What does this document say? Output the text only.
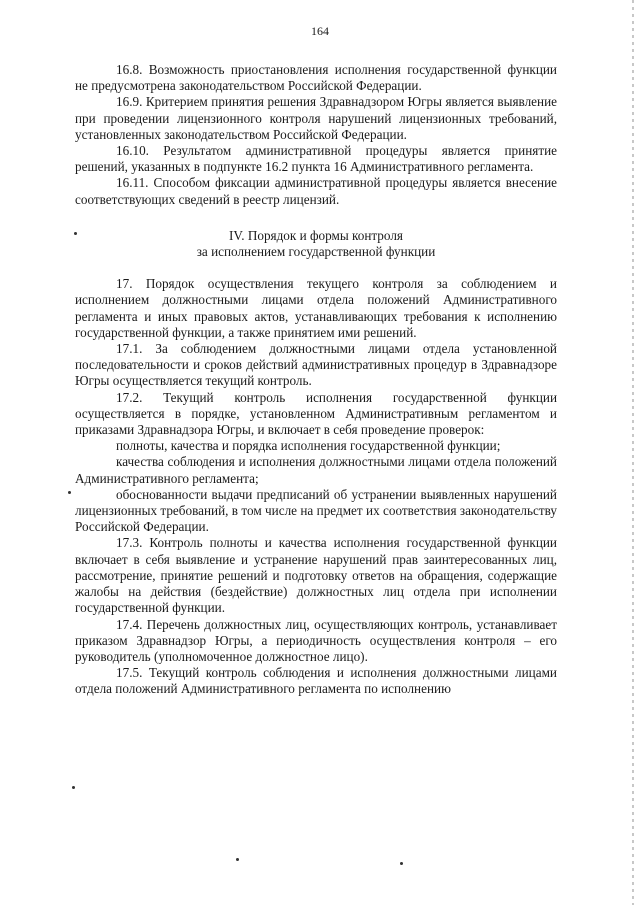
164

16.8. Возможность приостановления исполнения государственной функции не предусмотрена законодательством Российской Федерации.

16.9. Критерием принятия решения Здравнадзором Югры является выявление при проведении лицензионного контроля нарушений лицензионных требований, установленных законодательством Российской Федерации.

16.10. Результатом административной процедуры является принятие решений, указанных в подпункте 16.2 пункта 16 Административного регламента.

16.11. Способом фиксации административной процедуры является внесение соответствующих сведений в реестр лицензий.

IV. Порядок и формы контроля

за исполнением государственной функции

17. Порядок осуществления текущего контроля за соблюдением и исполнением должностными лицами отдела положений Административного регламента и иных правовых актов, устанавливающих требования к исполнению государственной функции, а также принятием ими решений.

17.1. За соблюдением должностными лицами отдела установленной последовательности и сроков действий административных процедур в Здравнадзоре Югры осуществляется текущий контроль.

17.2. Текущий контроль исполнения государственной функции осуществляется в порядке, установленном Административным регламентом и приказами Здравнадзора Югры, и включает в себя проведение проверок:

полноты, качества и порядка исполнения государственной функции;

качества соблюдения и исполнения должностными лицами отдела положений Административного регламента;

обоснованности выдачи предписаний об устранении выявленных нарушений лицензионных требований, в том числе на предмет их соответствия законодательству Российской Федерации.

17.3. Контроль полноты и качества исполнения государственной функции включает в себя выявление и устранение нарушений прав заинтересованных лиц, рассмотрение, принятие решений и подготовку ответов на обращения, содержащие жалобы на действия (бездействие) должностных лиц отдела при исполнении государственной функции.

17.4. Перечень должностных лиц, осуществляющих контроль, устанавливает приказом Здравнадзор Югры, а периодичность осуществления контроля – его руководитель (уполномоченное должностное лицо).

17.5. Текущий контроль соблюдения и исполнения должностными лицами отдела положений Административного регламента по исполнению
